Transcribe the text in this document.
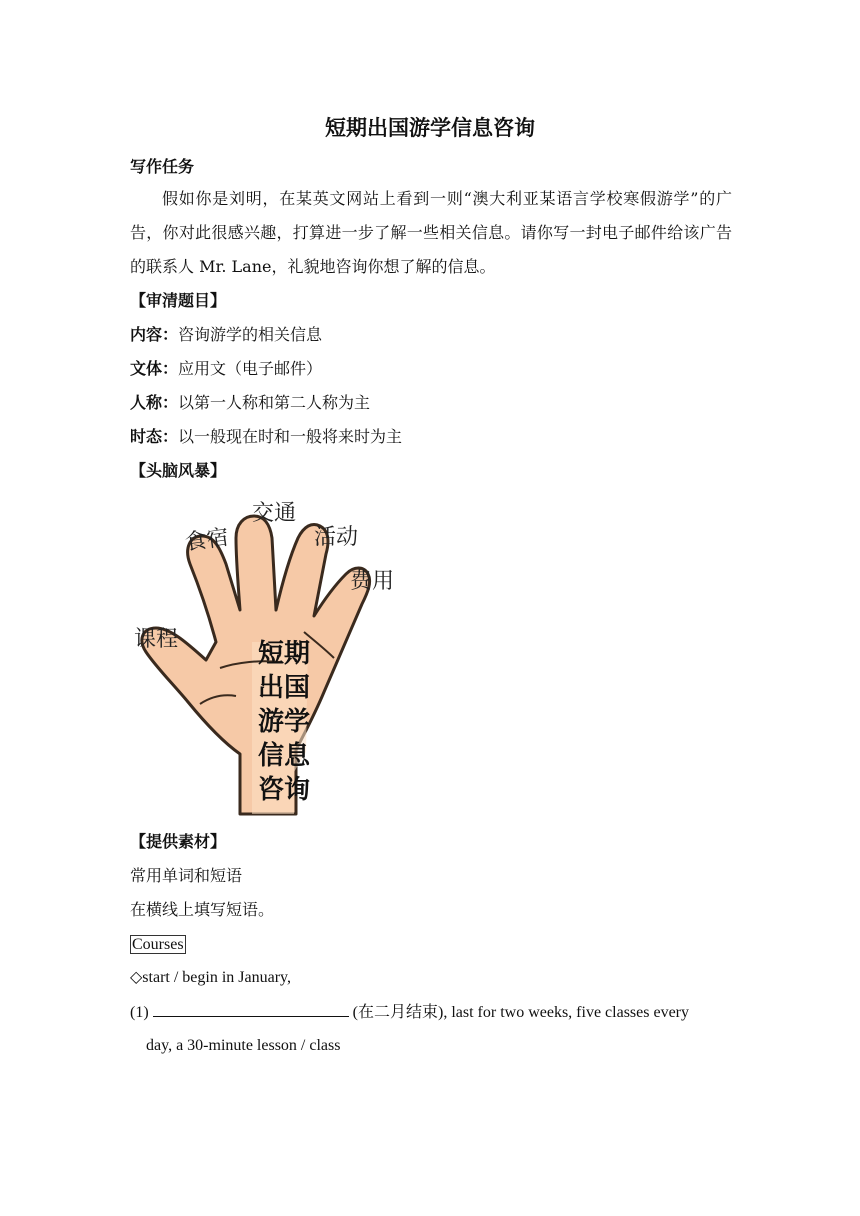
短期出国游学信息咨询
写作任务
假如你是刘明，在某英文网站上看到一则“澳大利亚某语言学校寒假游学”的广告，你对此很感兴趣，打算进一步了解一些相关信息。请你写一封电子邮件给该广告的联系人 Mr. Lane，礼貌地咨询你想了解的信息。
【审清题目】
内容：咨询游学的相关信息
文体：应用文（电子邮件）
人称：以第一人称和第二人称为主
时态：以一般现在时和一般将来时为主
【头脑风暴】
课程
食宿
交通
活动
费用
短期
出国
游学
信息
咨询
【提供素材】
常用单词和短语
在横线上填写短语。
Courses
◇start / begin in January,
(1)	(在二月结束), last for two weeks, five classes every
day, a 30-minute lesson / class
